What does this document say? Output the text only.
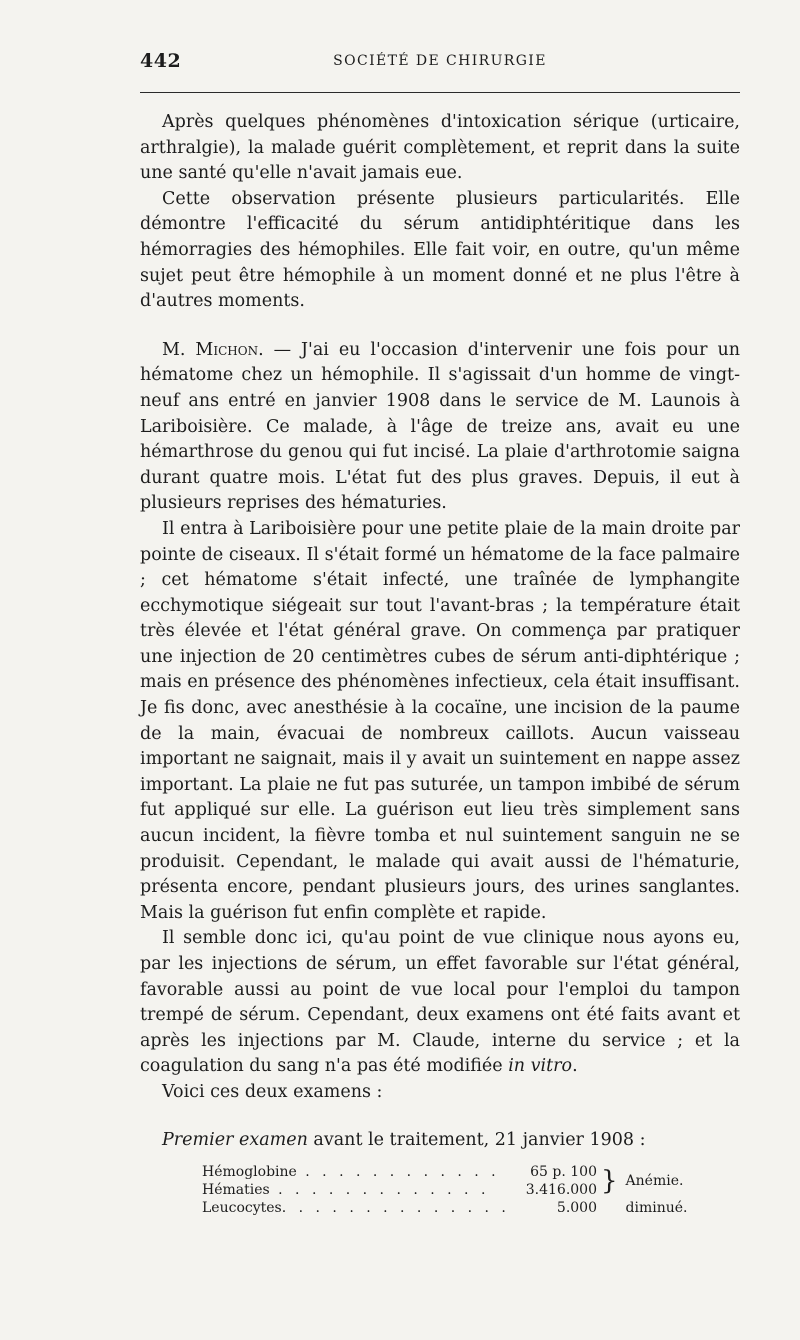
442	SOCIÉTÉ DE CHIRURGIE

Après quelques phénomènes d'intoxication sérique (urticaire, arthralgie), la malade guérit complètement, et reprit dans la suite une santé qu'elle n'avait jamais eue.

Cette observation présente plusieurs particularités. Elle démontre l'efficacité du sérum antidiphtéritique dans les hémorragies des hémophiles. Elle fait voir, en outre, qu'un même sujet peut être hémophile à un moment donné et ne plus l'être à d'autres moments.

M. Michon. — J'ai eu l'occasion d'intervenir une fois pour un hématome chez un hémophile. Il s'agissait d'un homme de vingt-neuf ans entré en janvier 1908 dans le service de M. Launois à Lariboisière. Ce malade, à l'âge de treize ans, avait eu une hémarthrose du genou qui fut incisé. La plaie d'arthrotomie saigna durant quatre mois. L'état fut des plus graves. Depuis, il eut à plusieurs reprises des hématuries.

Il entra à Lariboisière pour une petite plaie de la main droite par pointe de ciseaux. Il s'était formé un hématome de la face palmaire ; cet hématome s'était infecté, une traînée de lymphangite ecchymotique siégeait sur tout l'avant-bras ; la température était très élevée et l'état général grave. On commença par pratiquer une injection de 20 centimètres cubes de sérum anti-diphtérique ; mais en présence des phénomènes infectieux, cela était insuffisant. Je fis donc, avec anesthésie à la cocaïne, une incision de la paume de la main, évacuai de nombreux caillots. Aucun vaisseau important ne saignait, mais il y avait un suintement en nappe assez important. La plaie ne fut pas suturée, un tampon imbibé de sérum fut appliqué sur elle. La guérison eut lieu très simplement sans aucun incident, la fièvre tomba et nul suintement sanguin ne se produisit. Cependant, le malade qui avait aussi de l'hématurie, présenta encore, pendant plusieurs jours, des urines sanglantes. Mais la guérison fut enfin complète et rapide.

Il semble donc ici, qu'au point de vue clinique nous ayons eu, par les injections de sérum, un effet favorable sur l'état général, favorable aussi au point de vue local pour l'emploi du tampon trempé de sérum. Cependant, deux examens ont été faits avant et après les injections par M. Claude, interne du service ; et la coagulation du sang n'a pas été modifiée in vitro.

Voici ces deux examens :

Premier examen avant le traitement, 21 janvier 1908 :

Hémoglobine . . . . . . . . . . . .	65 p. 100	}	Anémie.
Hématies . . . . . . . . . . . . .	3.416.000		
Leucocytes. . . . . . . . . . . . . .	5.000		diminué.
